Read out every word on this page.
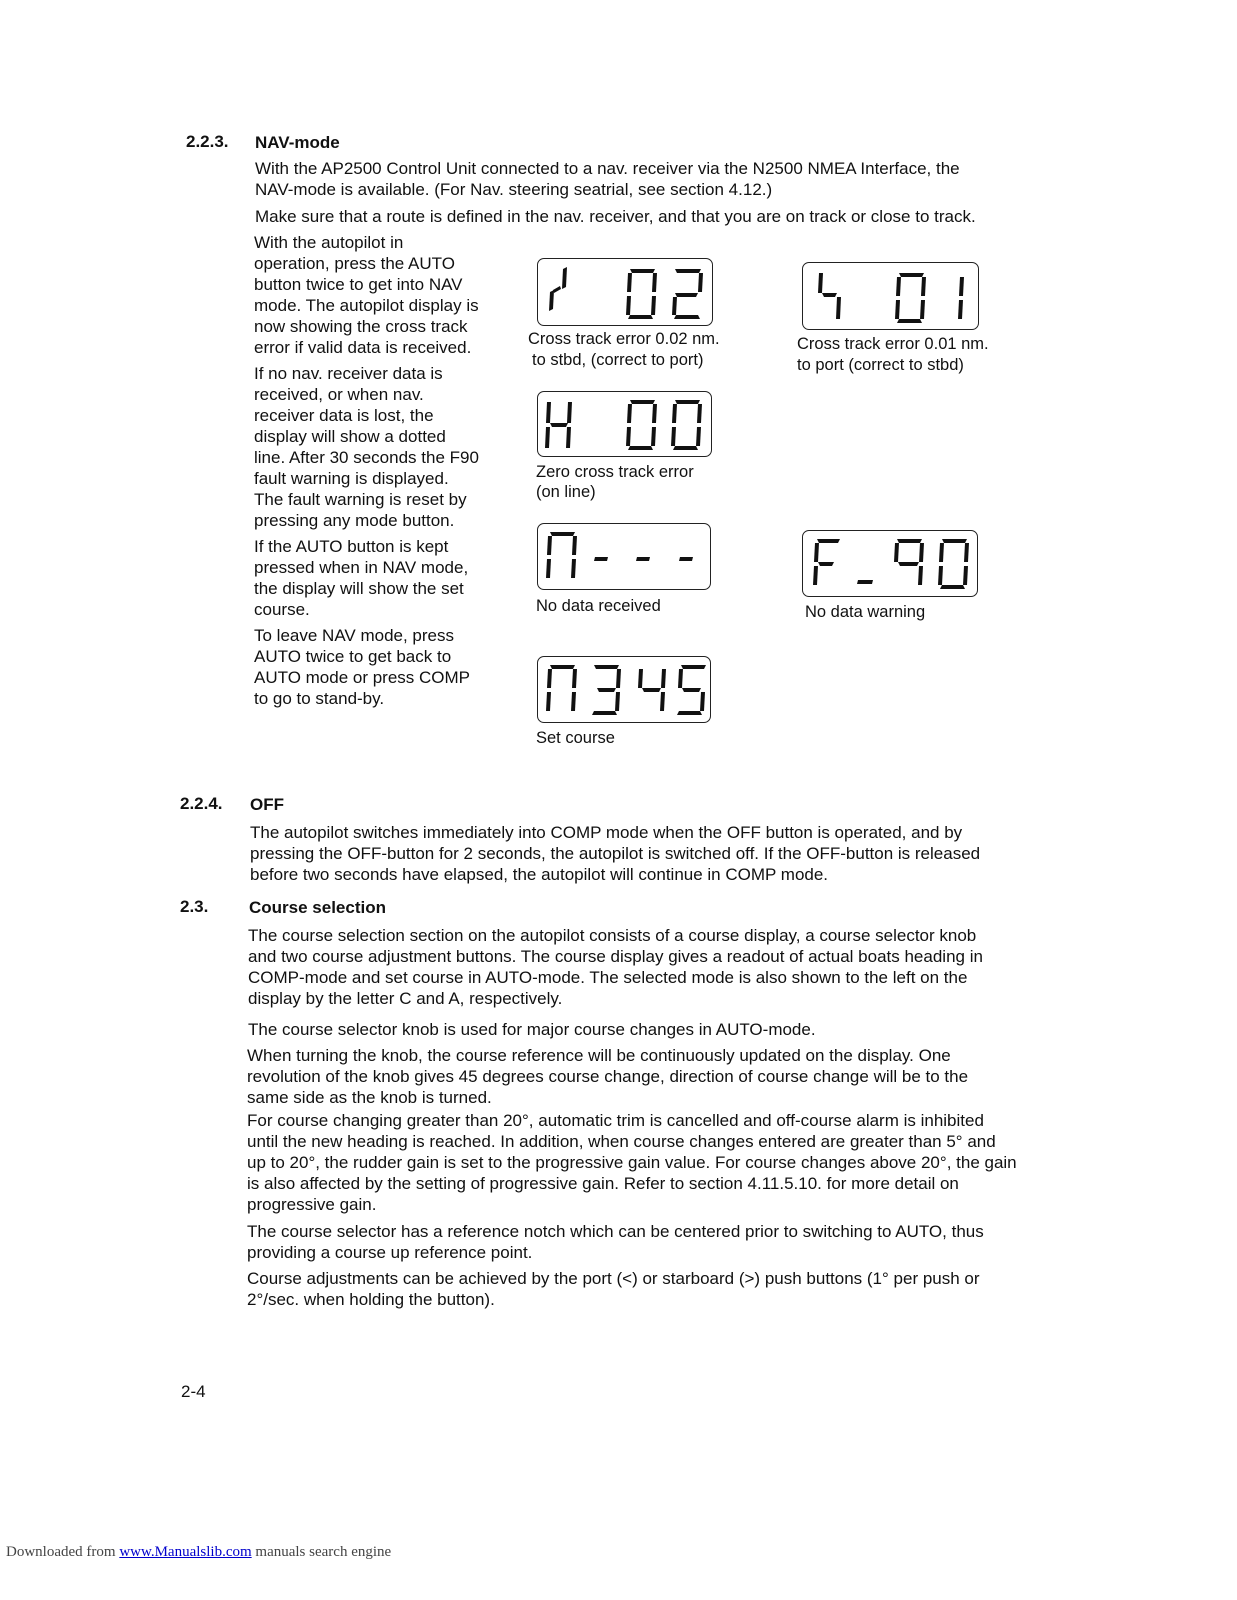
2.2.3. NAV-mode

With the AP2500 Control Unit connected to a nav. receiver via the N2500 NMEA Interface, the NAV-mode is available. (For Nav. steering seatrial, see section 4.12.)

Make sure that a route is defined in the nav. receiver, and that you are on track or close to track.

With the autopilot in operation, press the AUTO button twice to get into NAV mode. The autopilot display is now showing the cross track error if valid data is received.

If no nav. receiver data is received, or when nav. receiver data is lost, the display will show a dotted line. After 30 seconds the F90 fault warning is displayed. The fault warning is reset by pressing any mode button.

If the AUTO button is kept pressed when in NAV mode, the display will show the set course.

To leave NAV mode, press AUTO twice to get back to AUTO mode or press COMP to go to stand-by.

Cross track error 0.02 nm.
to stbd, (correct to port)
Cross track error 0.01 nm.
to port (correct to stbd)
Zero cross track error
(on line)
No data received	No data warning
Set course
2.2.4. OFF

The autopilot switches immediately into COMP mode when the OFF button is operated, and by pressing the OFF-button for 2 seconds, the autopilot is switched off. If the OFF-button is released before two seconds have elapsed, the autopilot will continue in COMP mode.

2.3. Course selection

The course selection section on the autopilot consists of a course display, a course selector knob and two course adjustment buttons. The course display gives a readout of actual boats heading in COMP-mode and set course in AUTO-mode. The selected mode is also shown to the left on the display by the letter C and A, respectively.

The course selector knob is used for major course changes in AUTO-mode.

When turning the knob, the course reference will be continuously updated on the display. One revolution of the knob gives 45 degrees course change, direction of course change will be to the same side as the knob is turned.

For course changing greater than 20°, automatic trim is cancelled and off-course alarm is inhibited until the new heading is reached. In addition, when course changes entered are greater than 5° and up to 20°, the rudder gain is set to the progressive gain value. For course changes above 20°, the gain is also affected by the setting of progressive gain. Refer to section 4.11.5.10. for more detail on progressive gain.

The course selector has a reference notch which can be centered prior to switching to AUTO, thus providing a course up reference point.

Course adjustments can be achieved by the port (<) or starboard (>) push buttons (1° per push or 2°/sec. when holding the button).

2-4
Downloaded from www.Manualslib.com manuals search engine
